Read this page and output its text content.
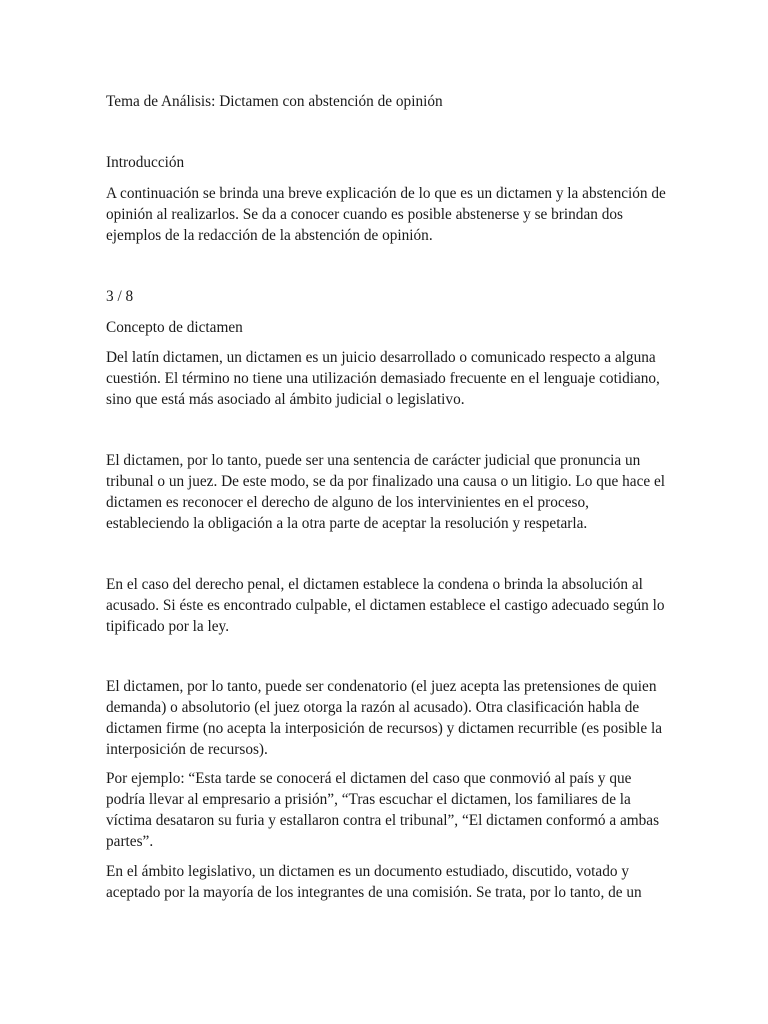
Tema de Análisis: Dictamen con abstención de opinión
Introducción
A continuación se brinda una breve explicación de lo que es un dictamen y la abstención de
opinión al realizarlos. Se da a conocer cuando es posible abstenerse y se brindan dos
ejemplos de la redacción de la abstención de opinión.
3 / 8
Concepto de dictamen
Del latín dictamen, un dictamen es un juicio desarrollado o comunicado respecto a alguna
cuestión. El término no tiene una utilización demasiado frecuente en el lenguaje cotidiano,
sino que está más asociado al ámbito judicial o legislativo.
El dictamen, por lo tanto, puede ser una sentencia de carácter judicial que pronuncia un
tribunal o un juez. De este modo, se da por finalizado una causa o un litigio. Lo que hace el
dictamen es reconocer el derecho de alguno de los intervinientes en el proceso,
estableciendo la obligación a la otra parte de aceptar la resolución y respetarla.
En el caso del derecho penal, el dictamen establece la condena o brinda la absolución al
acusado. Si éste es encontrado culpable, el dictamen establece el castigo adecuado según lo
tipificado por la ley.
El dictamen, por lo tanto, puede ser condenatorio (el juez acepta las pretensiones de quien
demanda) o absolutorio (el juez otorga la razón al acusado). Otra clasificación habla de
dictamen firme (no acepta la interposición de recursos) y dictamen recurrible (es posible la
interposición de recursos).
Por ejemplo: “Esta tarde se conocerá el dictamen del caso que conmovió al país y que
podría llevar al empresario a prisión”, “Tras escuchar el dictamen, los familiares de la
víctima desataron su furia y estallaron contra el tribunal”, “El dictamen conformó a ambas
partes”.
En el ámbito legislativo, un dictamen es un documento estudiado, discutido, votado y
aceptado por la mayoría de los integrantes de una comisión. Se trata, por lo tanto, de un
